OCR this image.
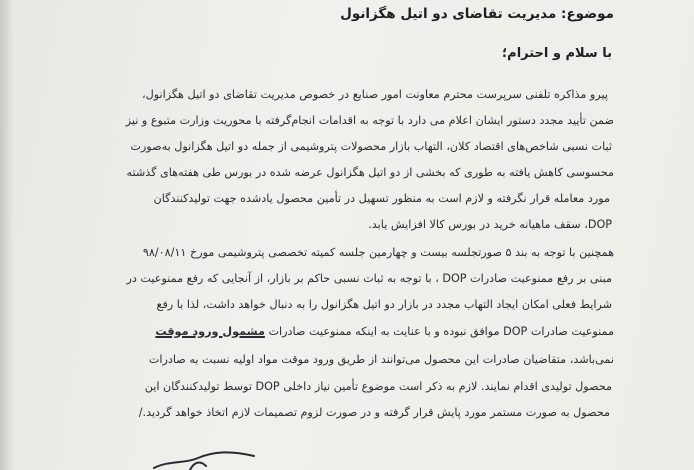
موضوع: مدیریت تقاضای دو اتیل هگزانول
با سلام و احترام؛
پیرو مذاکره تلفنی سرپرست محترم معاونت امور صنایع در خصوص مدیریت تقاضای دو اتیل هگزانول،
ضمن تأیید مجدد دستور ایشان اعلام می دارد با توجه به اقدامات انجام‌گرفته با محوریت وزارت متبوع و نیز
ثبات نسبی شاخص‌های اقتصاد کلان، التهاب بازار محصولات پتروشیمی از جمله دو اتیل هگزانول به‌صورت
محسوسی کاهش یافته به طوری که بخشی از دو اتیل هگزانول عرضه شده در بورس طی هفته‌های گذشته
مورد معامله قرار نگرفته و لازم است به منظور تسهیل در تأمین محصول یادشده جهت تولیدکنندگان
DOP، سقف ماهیانه خرید در بورس کالا افزایش یابد.
همچنین با توجه به بند ۵ صورتجلسه بیست و چهارمین جلسه کمیته تخصصی پتروشیمی مورخ ۹۸/۰۸/۱۱
مبنی بر رفع ممنوعیت صادرات DOP ، با توجه به ثبات نسبی حاکم بر بازار، از آنجایی که رفع ممنوعیت در
شرایط فعلی امکان ایجاد التهاب مجدد در بازار دو اتیل هگزانول را به دنبال خواهد داشت، لذا با رفع
ممنوعیت صادرات DOP موافق نبوده و با عنایت به اینکه ممنوعیت صادرات مشمول ورود موقت
نمی‌باشد، متقاضیان صادرات این محصول می‌توانند از طریق ورود موقت مواد اولیه نسبت به صادرات
محصول تولیدی اقدام نمایند. لازم به ذکر است موضوع تأمین نیاز داخلی DOP توسط تولیدکنندگان این
محصول به صورت مستمر مورد پایش قرار گرفته و در صورت لزوم تصمیمات لازم اتخاذ خواهد گردید./
